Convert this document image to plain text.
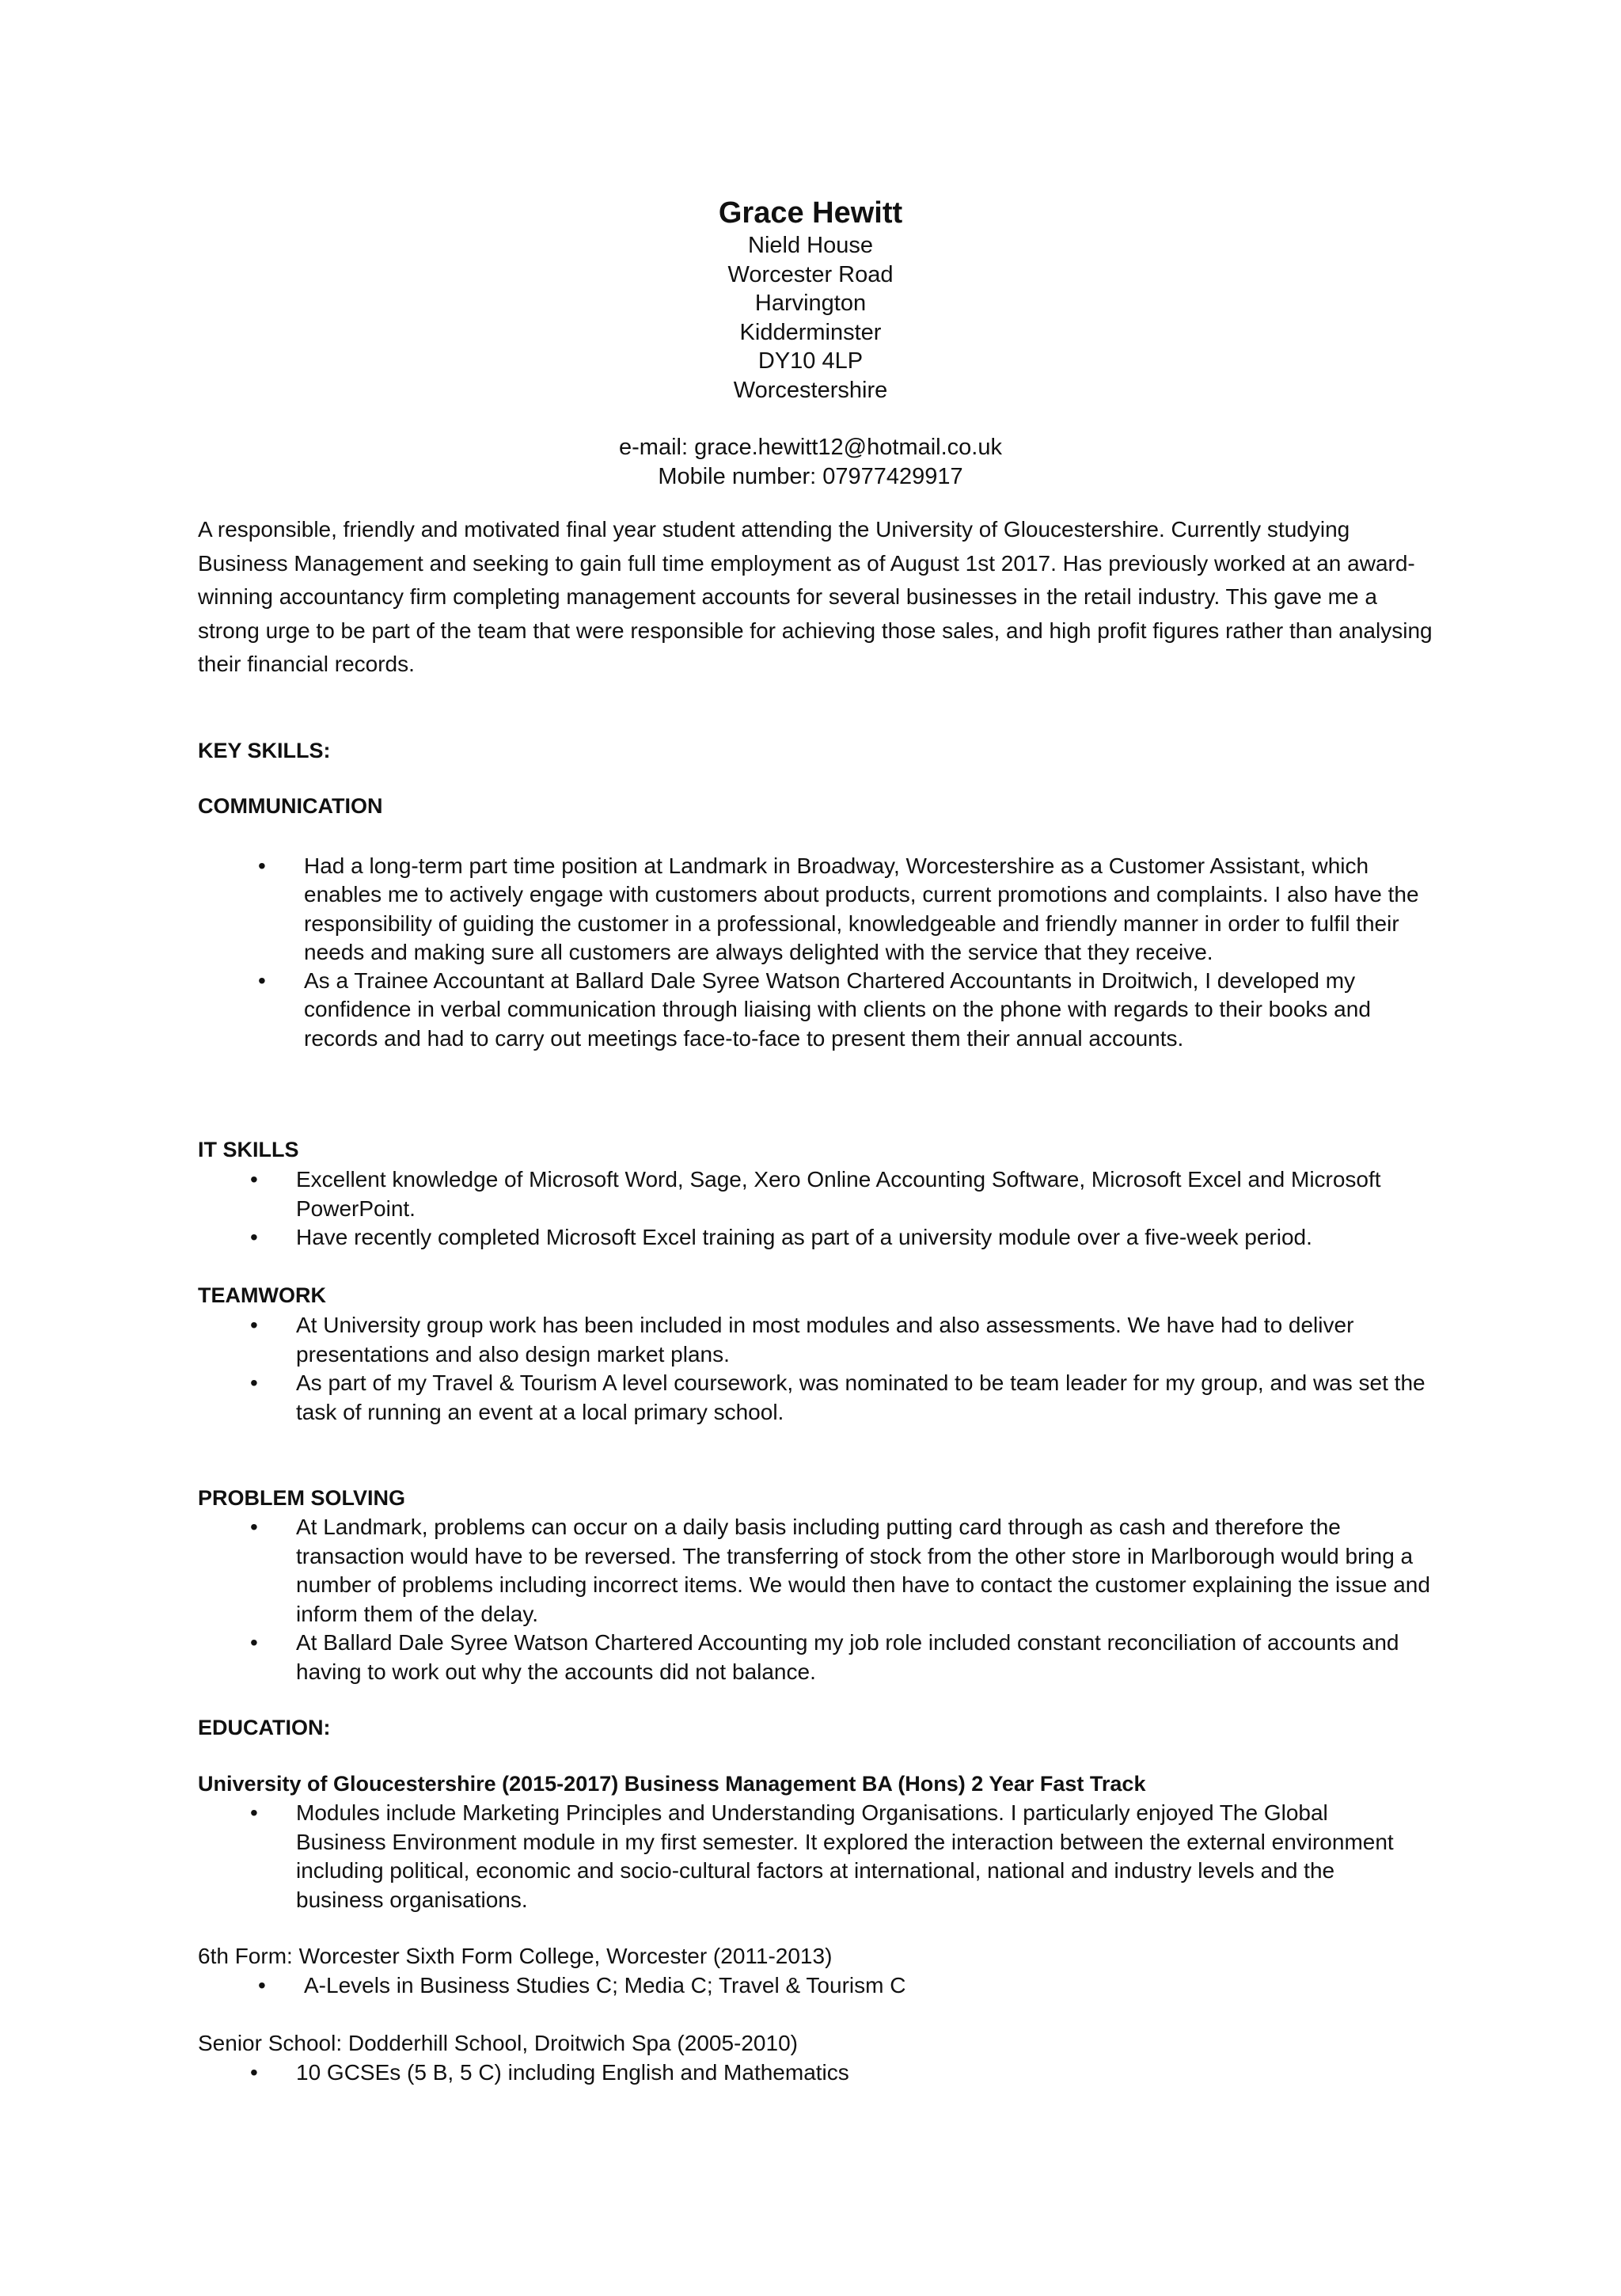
Grace Hewitt
Nield House
Worcester Road
Harvington
Kidderminster
DY10 4LP
Worcestershire
e-mail: grace.hewitt12@hotmail.co.uk
Mobile number: 07977429917
A responsible, friendly and motivated final year student attending the University of Gloucestershire. Currently studying Business Management and seeking to gain full time employment as of August 1st 2017. Has previously worked at an award-winning accountancy firm completing management accounts for several businesses in the retail industry. This gave me a strong urge to be part of the team that were responsible for achieving those sales, and high profit figures rather than analysing their financial records.
KEY SKILLS:
COMMUNICATION
• Had a long-term part time position at Landmark in Broadway, Worcestershire as a Customer Assistant, which enables me to actively engage with customers about products, current promotions and complaints. I also have the responsibility of guiding the customer in a professional, knowledgeable and friendly manner in order to fulfil their needs and making sure all customers are always delighted with the service that they receive.
• As a Trainee Accountant at Ballard Dale Syree Watson Chartered Accountants in Droitwich, I developed my confidence in verbal communication through liaising with clients on the phone with regards to their books and records and had to carry out meetings face-to-face to present them their annual accounts.
IT SKILLS
• Excellent knowledge of Microsoft Word, Sage, Xero Online Accounting Software, Microsoft Excel and Microsoft PowerPoint.
• Have recently completed Microsoft Excel training as part of a university module over a five-week period.
TEAMWORK
• At University group work has been included in most modules and also assessments. We have had to deliver presentations and also design market plans.
• As part of my Travel & Tourism A level coursework, was nominated to be team leader for my group, and was set the task of running an event at a local primary school.
PROBLEM SOLVING
• At Landmark, problems can occur on a daily basis including putting card through as cash and therefore the transaction would have to be reversed. The transferring of stock from the other store in Marlborough would bring a number of problems including incorrect items. We would then have to contact the customer explaining the issue and inform them of the delay.
• At Ballard Dale Syree Watson Chartered Accounting my job role included constant reconciliation of accounts and having to work out why the accounts did not balance.
EDUCATION:
University of Gloucestershire (2015-2017) Business Management BA (Hons) 2 Year Fast Track
• Modules include Marketing Principles and Understanding Organisations. I particularly enjoyed The Global Business Environment module in my first semester. It explored the interaction between the external environment including political, economic and socio-cultural factors at international, national and industry levels and the business organisations.
6th Form: Worcester Sixth Form College, Worcester (2011-2013)
• A-Levels in Business Studies C; Media C; Travel & Tourism C
Senior School: Dodderhill School, Droitwich Spa (2005-2010)
• 10 GCSEs (5 B, 5 C) including English and Mathematics
